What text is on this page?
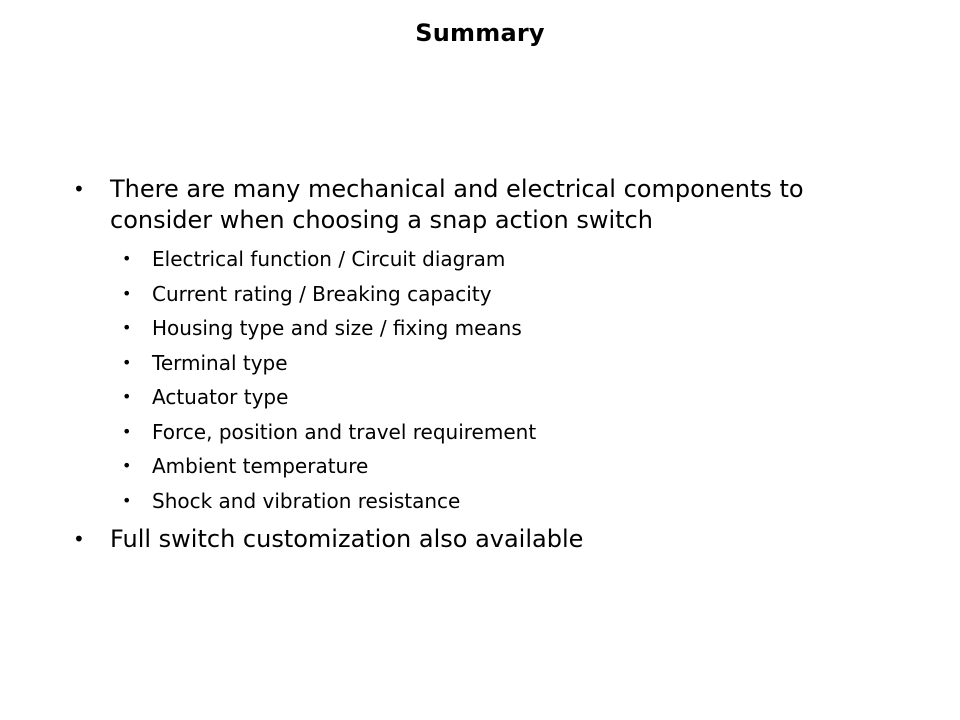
Summary
• There are many mechanical and electrical components to consider when choosing a snap action switch
• Electrical function / Circuit diagram
• Current rating / Breaking capacity
• Housing type and size / fixing means
• Terminal type
• Actuator type
• Force, position and travel requirement
• Ambient temperature
• Shock and vibration resistance
• Full switch customization also available
